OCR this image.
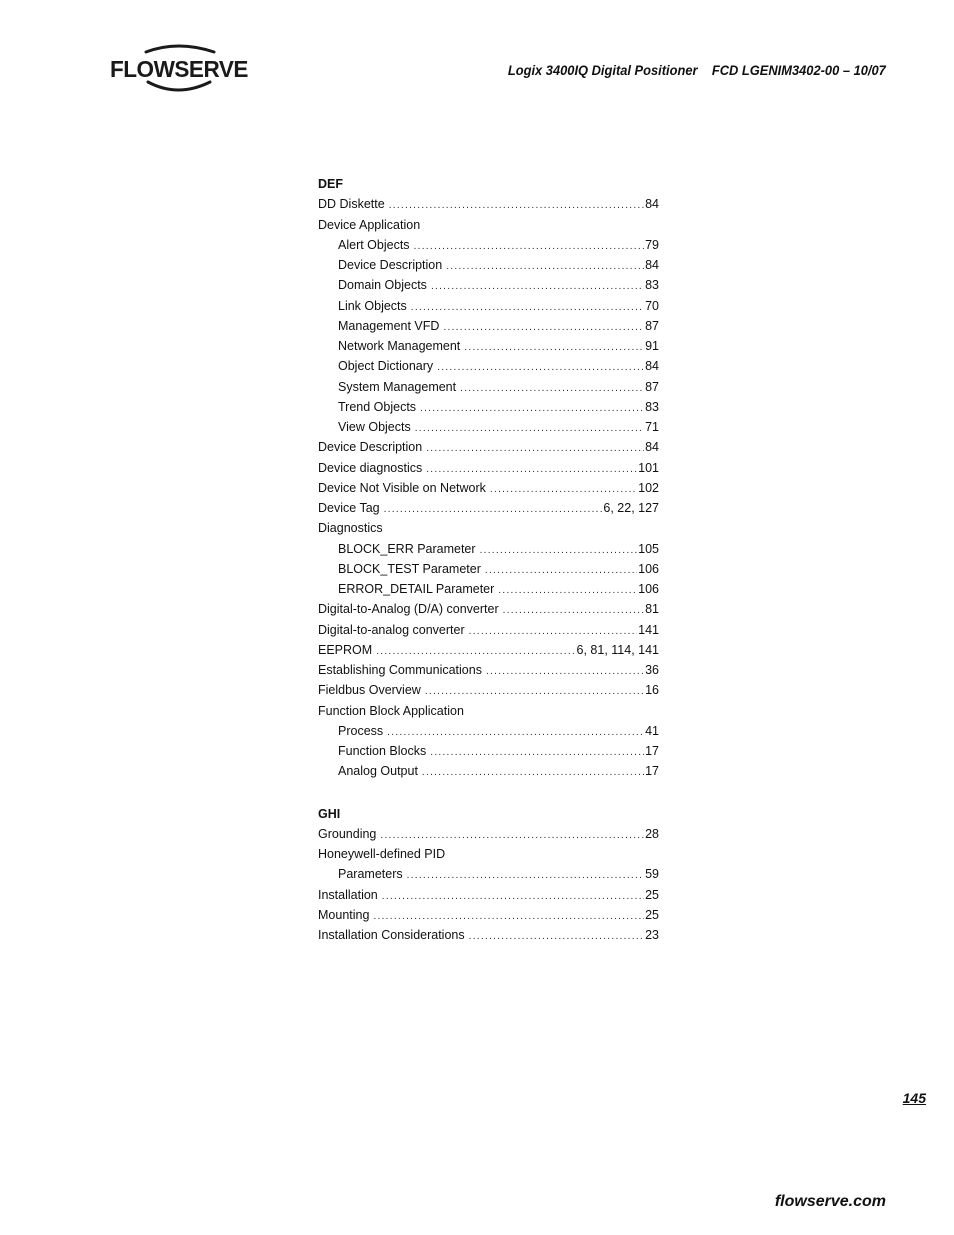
FLOWSERVE	Logix 3400IQ Digital Positioner    FCD LGENIM3402-00 – 10/07
DEF
DD Diskette .....	84
Device Application
Alert Objects .....	79
Device Description .....	84
Domain Objects .....	83
Link Objects .....	70
Management VFD .....	87
Network Management .....	91
Object Dictionary .....	84
System Management .....	87
Trend Objects .....	83
View Objects .....	71
Device Description .....	84
Device diagnostics .....	101
Device Not Visible on Network .....	102
Device Tag .....	6, 22, 127
Diagnostics
BLOCK_ERR Parameter .....	105
BLOCK_TEST Parameter .....	106
ERROR_DETAIL Parameter .....	106
Digital-to-Analog (D/A) converter .....	81
Digital-to-analog converter .....	141
EEPROM .....	6, 81, 114, 141
Establishing Communications .....	36
Fieldbus Overview .....	16
Function Block Application
Process .....	41
Function Blocks .....	17
Analog Output .....	17
GHI
Grounding .....	28
Honeywell-defined PID
Parameters .....	59
Installation .....	25
Mounting .....	25
Installation Considerations .....	23
145
flowserve.com
